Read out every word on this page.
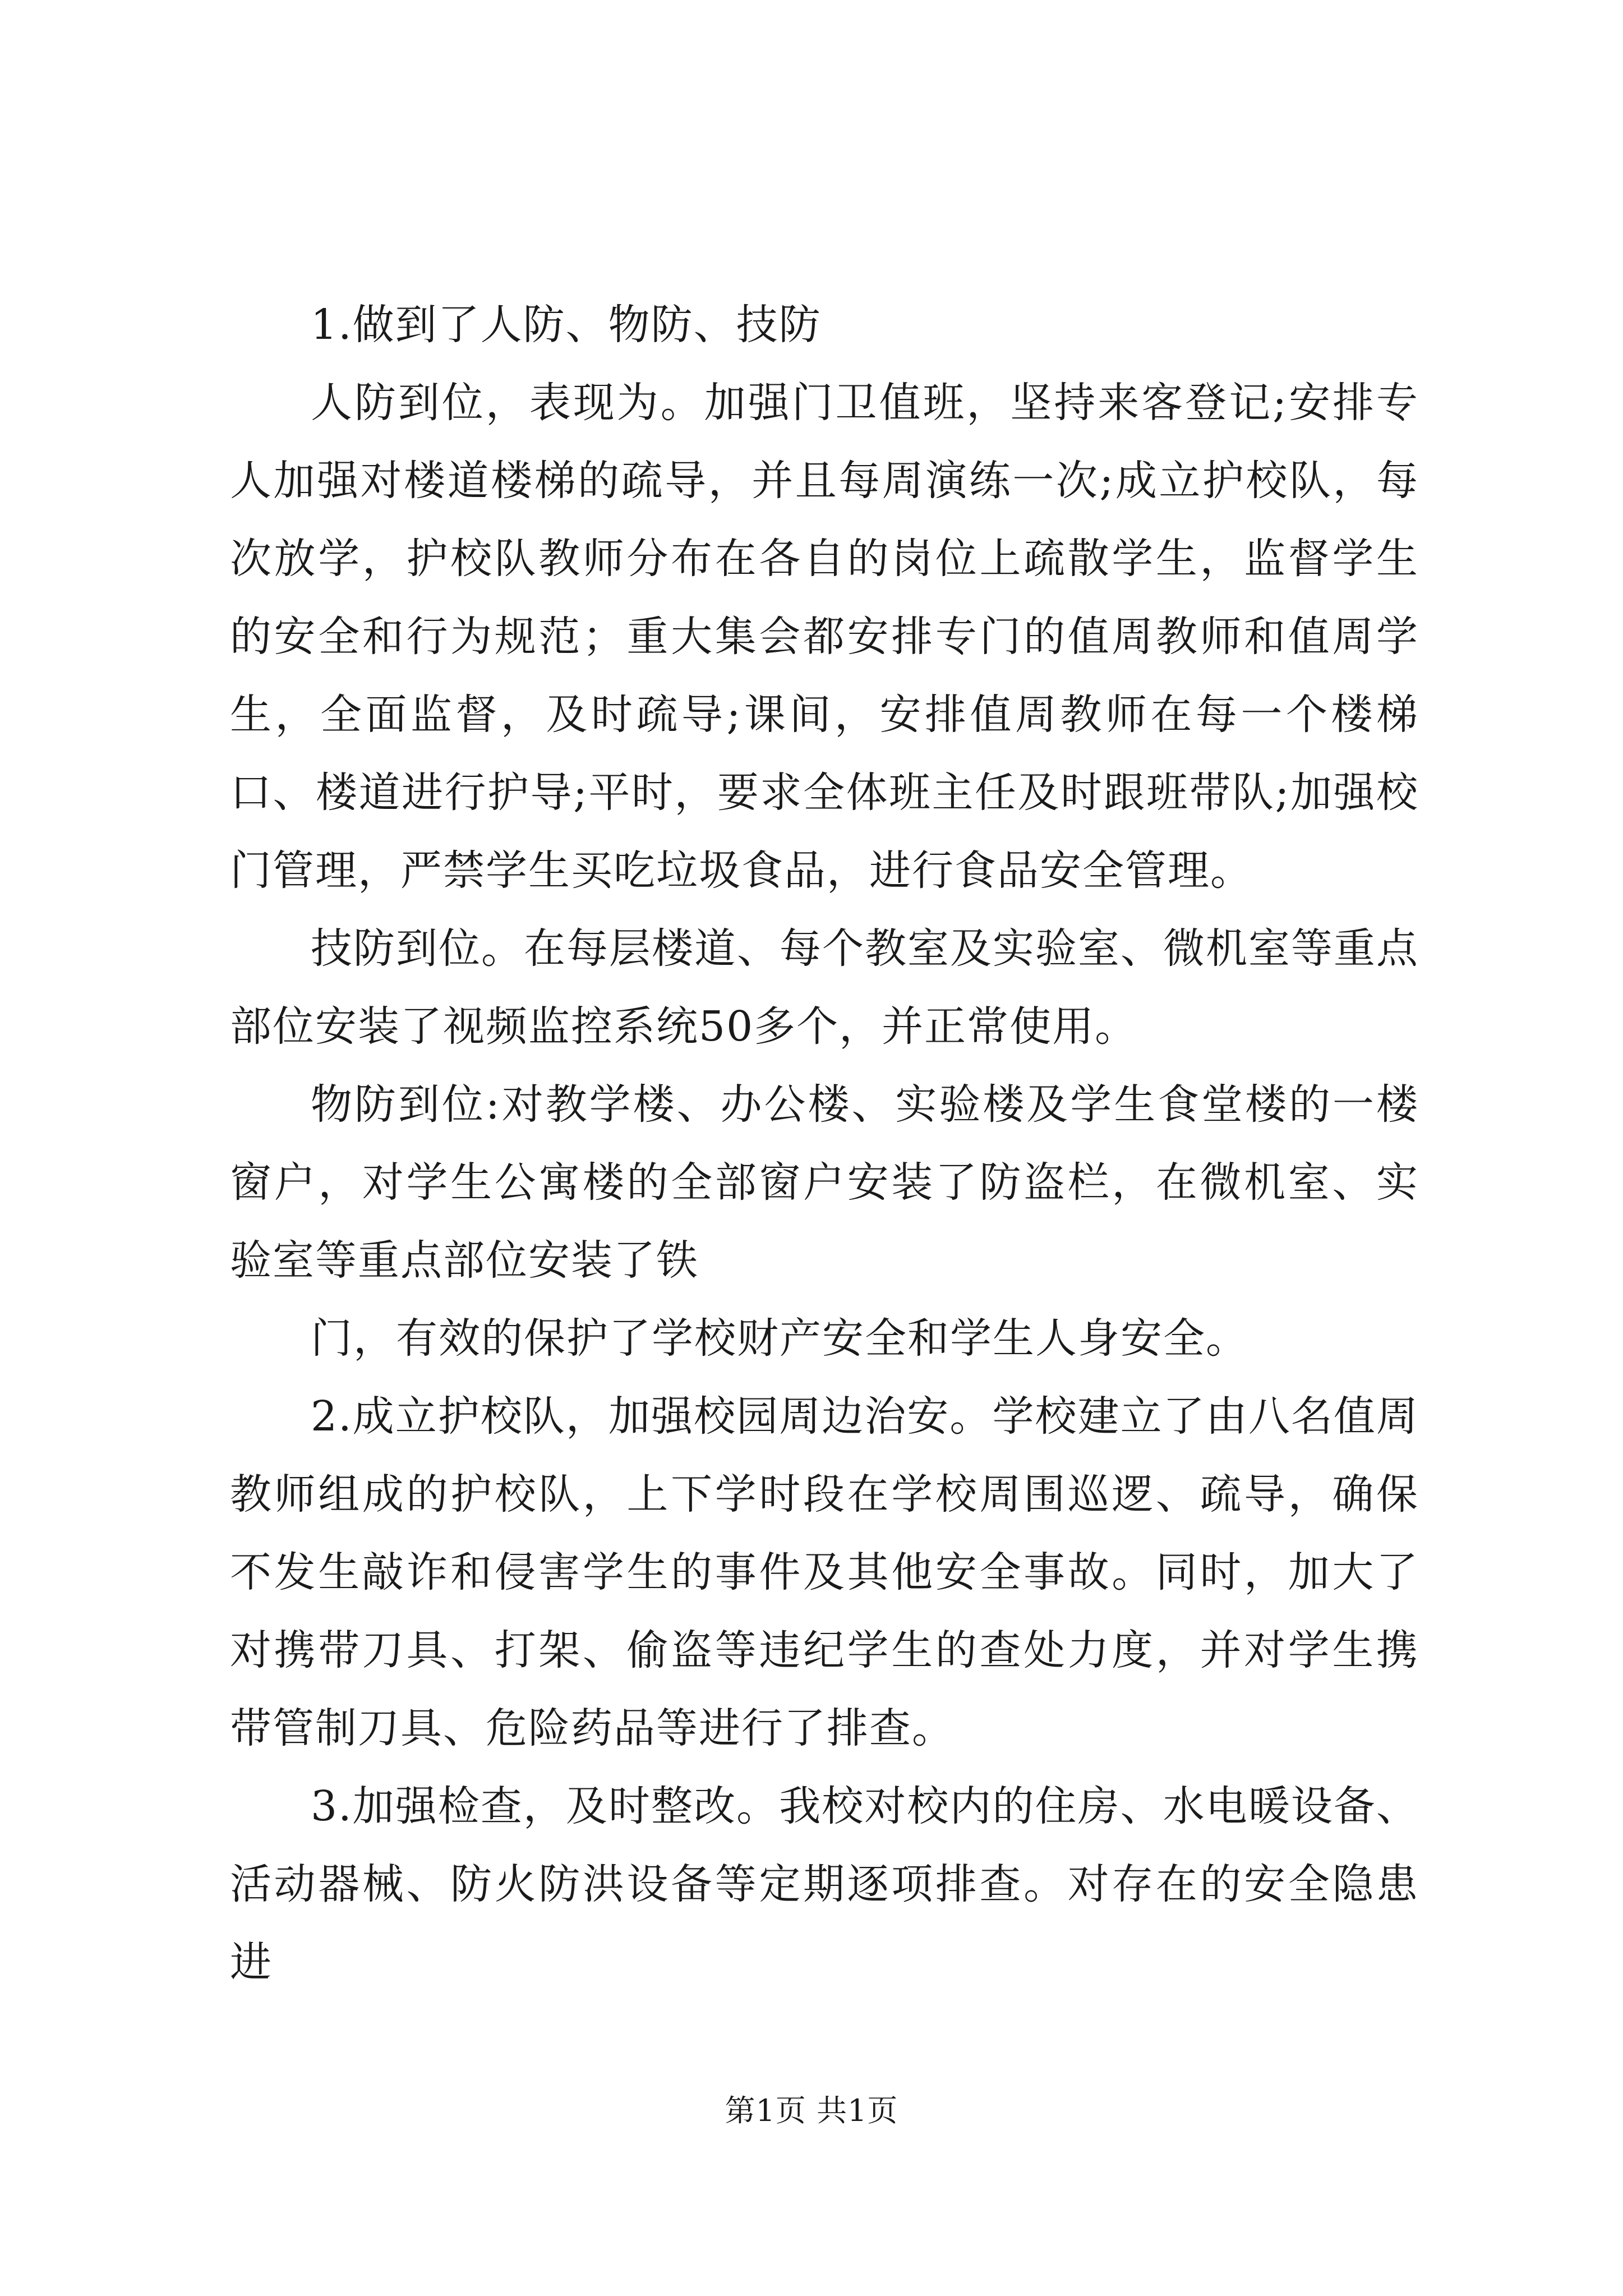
1.做到了人防、物防、技防

人防到位，表现为。加强门卫值班，坚持来客登记;安排专人加强对楼道楼梯的疏导，并且每周演练一次;成立护校队，每次放学，护校队教师分布在各自的岗位上疏散学生，监督学生的安全和行为规范；重大集会都安排专门的值周教师和值周学生，全面监督，及时疏导;课间，安排值周教师在每一个楼梯口、楼道进行护导;平时，要求全体班主任及时跟班带队;加强校门管理，严禁学生买吃垃圾食品，进行食品安全管理。

技防到位。在每层楼道、每个教室及实验室、微机室等重点部位安装了视频监控系统50多个，并正常使用。

物防到位:对教学楼、办公楼、实验楼及学生食堂楼的一楼窗户，对学生公寓楼的全部窗户安装了防盗栏，在微机室、实验室等重点部位安装了铁

门，有效的保护了学校财产安全和学生人身安全。

2.成立护校队，加强校园周边治安。学校建立了由八名值周教师组成的护校队，上下学时段在学校周围巡逻、疏导，确保不发生敲诈和侵害学生的事件及其他安全事故。同时，加大了对携带刀具、打架、偷盗等违纪学生的查处力度，并对学生携带管制刀具、危险药品等进行了排查。

3.加强检查，及时整改。我校对校内的住房、水电暖设备、活动器械、防火防洪设备等定期逐项排查。对存在的安全隐患进

第1页 共1页
